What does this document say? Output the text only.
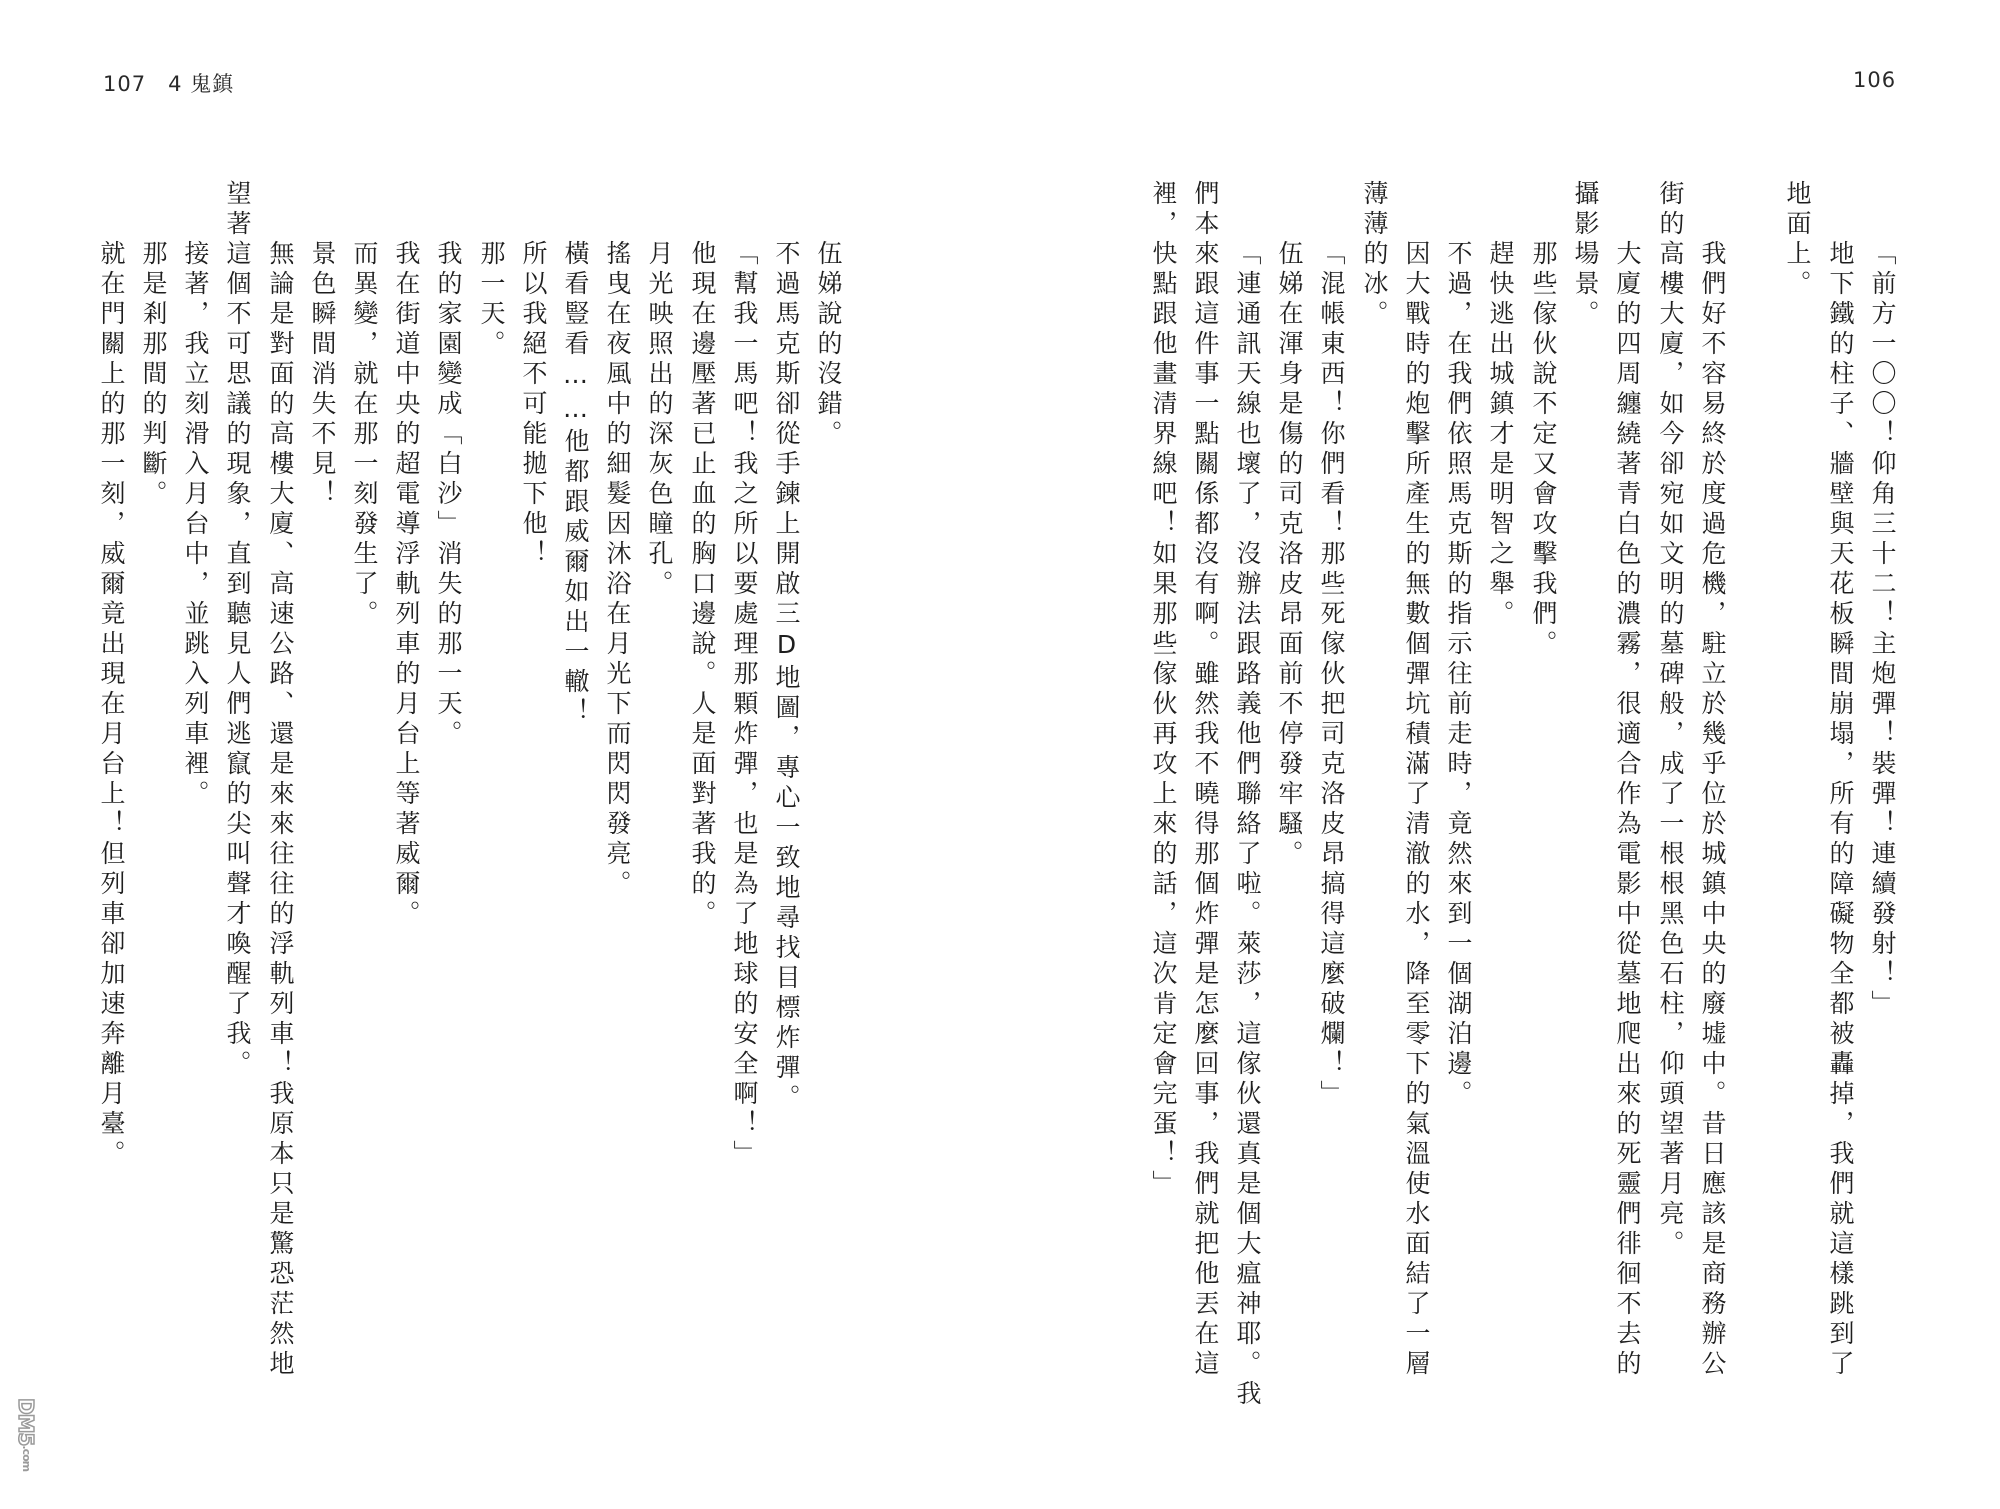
107　4 鬼鎮
伍娣說的沒錯。
不過馬克斯卻從手鍊上開啟三D地圖，專心一致地尋找目標炸彈。
「幫我一馬吧！我之所以要處理那顆炸彈，也是為了地球的安全啊！」
他現在邊壓著已止血的胸口邊說。人是面對著我的。
月光映照出的深灰色瞳孔。
搖曳在夜風中的細髮因沐浴在月光下而閃閃發亮。
橫看豎看……他都跟威爾如出一轍！
所以我絕不可能拋下他！
那一天。
我的家園變成「白沙」消失的那一天。
我在街道中央的超電導浮軌列車的月台上等著威爾。
而異變，就在那一刻發生了。
景色瞬間消失不見！
無論是對面的高樓大廈、高速公路、還是來來往往的浮軌列車！我原本只是驚恐茫然地
望著這個不可思議的現象，直到聽見人們逃竄的尖叫聲才喚醒了我。
接著，我立刻滑入月台中，並跳入列車裡。
那是剎那間的判斷。
就在門關上的那一刻，威爾竟出現在月台上！但列車卻加速奔離月臺。
DM5.com
106
「前方一〇〇！仰角三十二！主炮彈！裝彈！連續發射！」
地下鐵的柱子、牆壁與天花板瞬間崩塌，所有的障礙物全都被轟掉，我們就這樣跳到了
地面上。
我們好不容易終於度過危機，駐立於幾乎位於城鎮中央的廢墟中。昔日應該是商務辦公
街的高樓大廈，如今卻宛如文明的墓碑般，成了一根根黑色石柱，仰頭望著月亮。
大廈的四周纏繞著青白色的濃霧，很適合作為電影中從墓地爬出來的死靈們徘徊不去的
攝影場景。
那些傢伙說不定又會攻擊我們。
趕快逃出城鎮才是明智之舉。
不過，在我們依照馬克斯的指示往前走時，竟然來到一個湖泊邊。
因大戰時的炮擊所產生的無數個彈坑積滿了清澈的水，降至零下的氣溫使水面結了一層
薄薄的冰。
「混帳東西！你們看！那些死傢伙把司克洛皮昂搞得這麼破爛！」
伍娣在渾身是傷的司克洛皮昂面前不停發牢騷。
「連通訊天線也壞了，沒辦法跟路義他們聯絡了啦。萊莎，這傢伙還真是個大瘟神耶。我
們本來跟這件事一點關係都沒有啊。雖然我不曉得那個炸彈是怎麼回事，我們就把他丟在這
裡，快點跟他畫清界線吧！如果那些傢伙再攻上來的話，這次肯定會完蛋！」
